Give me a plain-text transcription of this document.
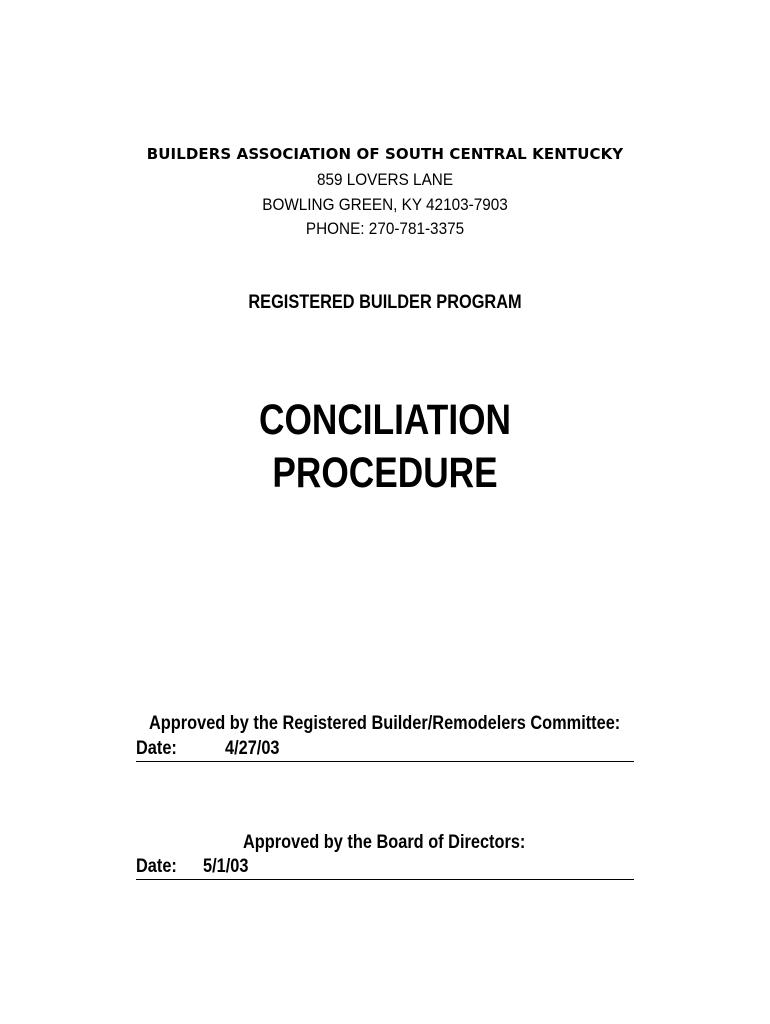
BUILDERS ASSOCIATION OF SOUTH CENTRAL KENTUCKY
859 LOVERS LANE
BOWLING GREEN, KY 42103-7903
PHONE: 270-781-3375
REGISTERED BUILDER PROGRAM
CONCILIATION
PROCEDURE
Approved by the Registered Builder/Remodelers Committee:
Date:	4/27/03
Approved by the Board of Directors:
Date: 5/1/03
